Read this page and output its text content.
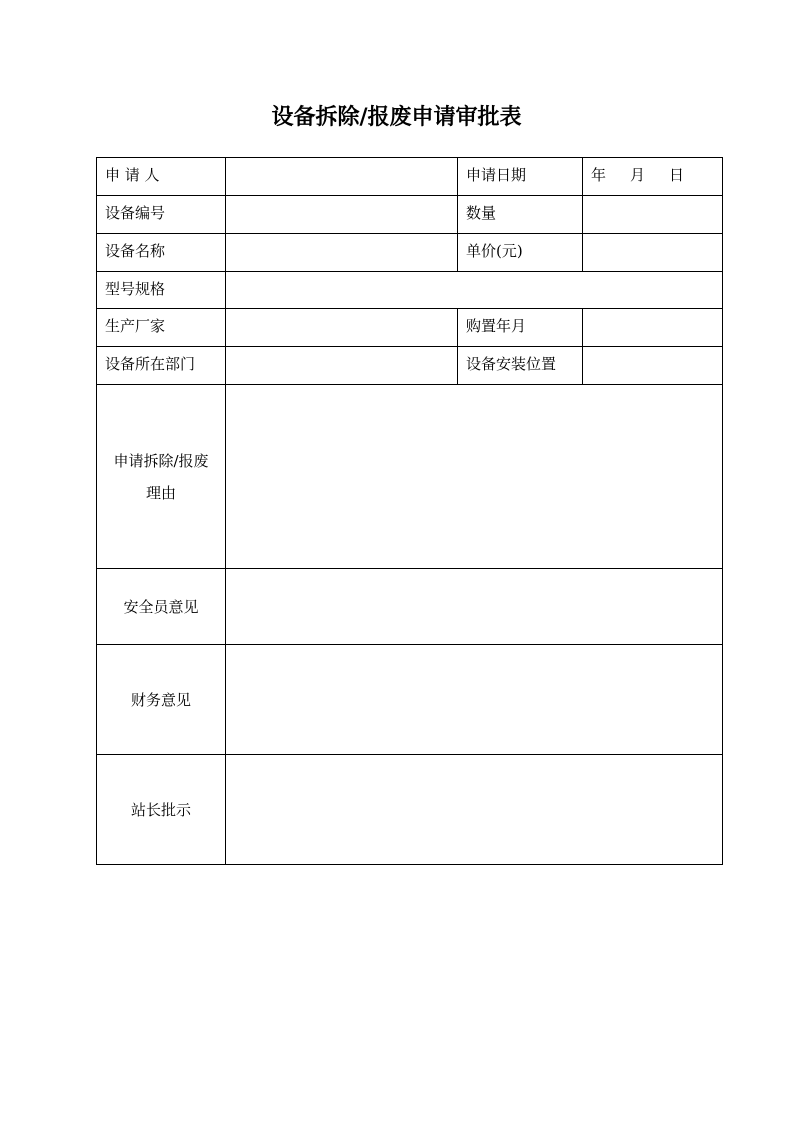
设备拆除/报废申请审批表
申 请 人		申请日期	年 月 日
设备编号		数量	
设备名称		单价(元)	
型号规格			
生产厂家		购置年月	
设备所在部门		设备安装位置	
申请拆除/报废理由			
安全员意见			
财务意见			
站长批示			
